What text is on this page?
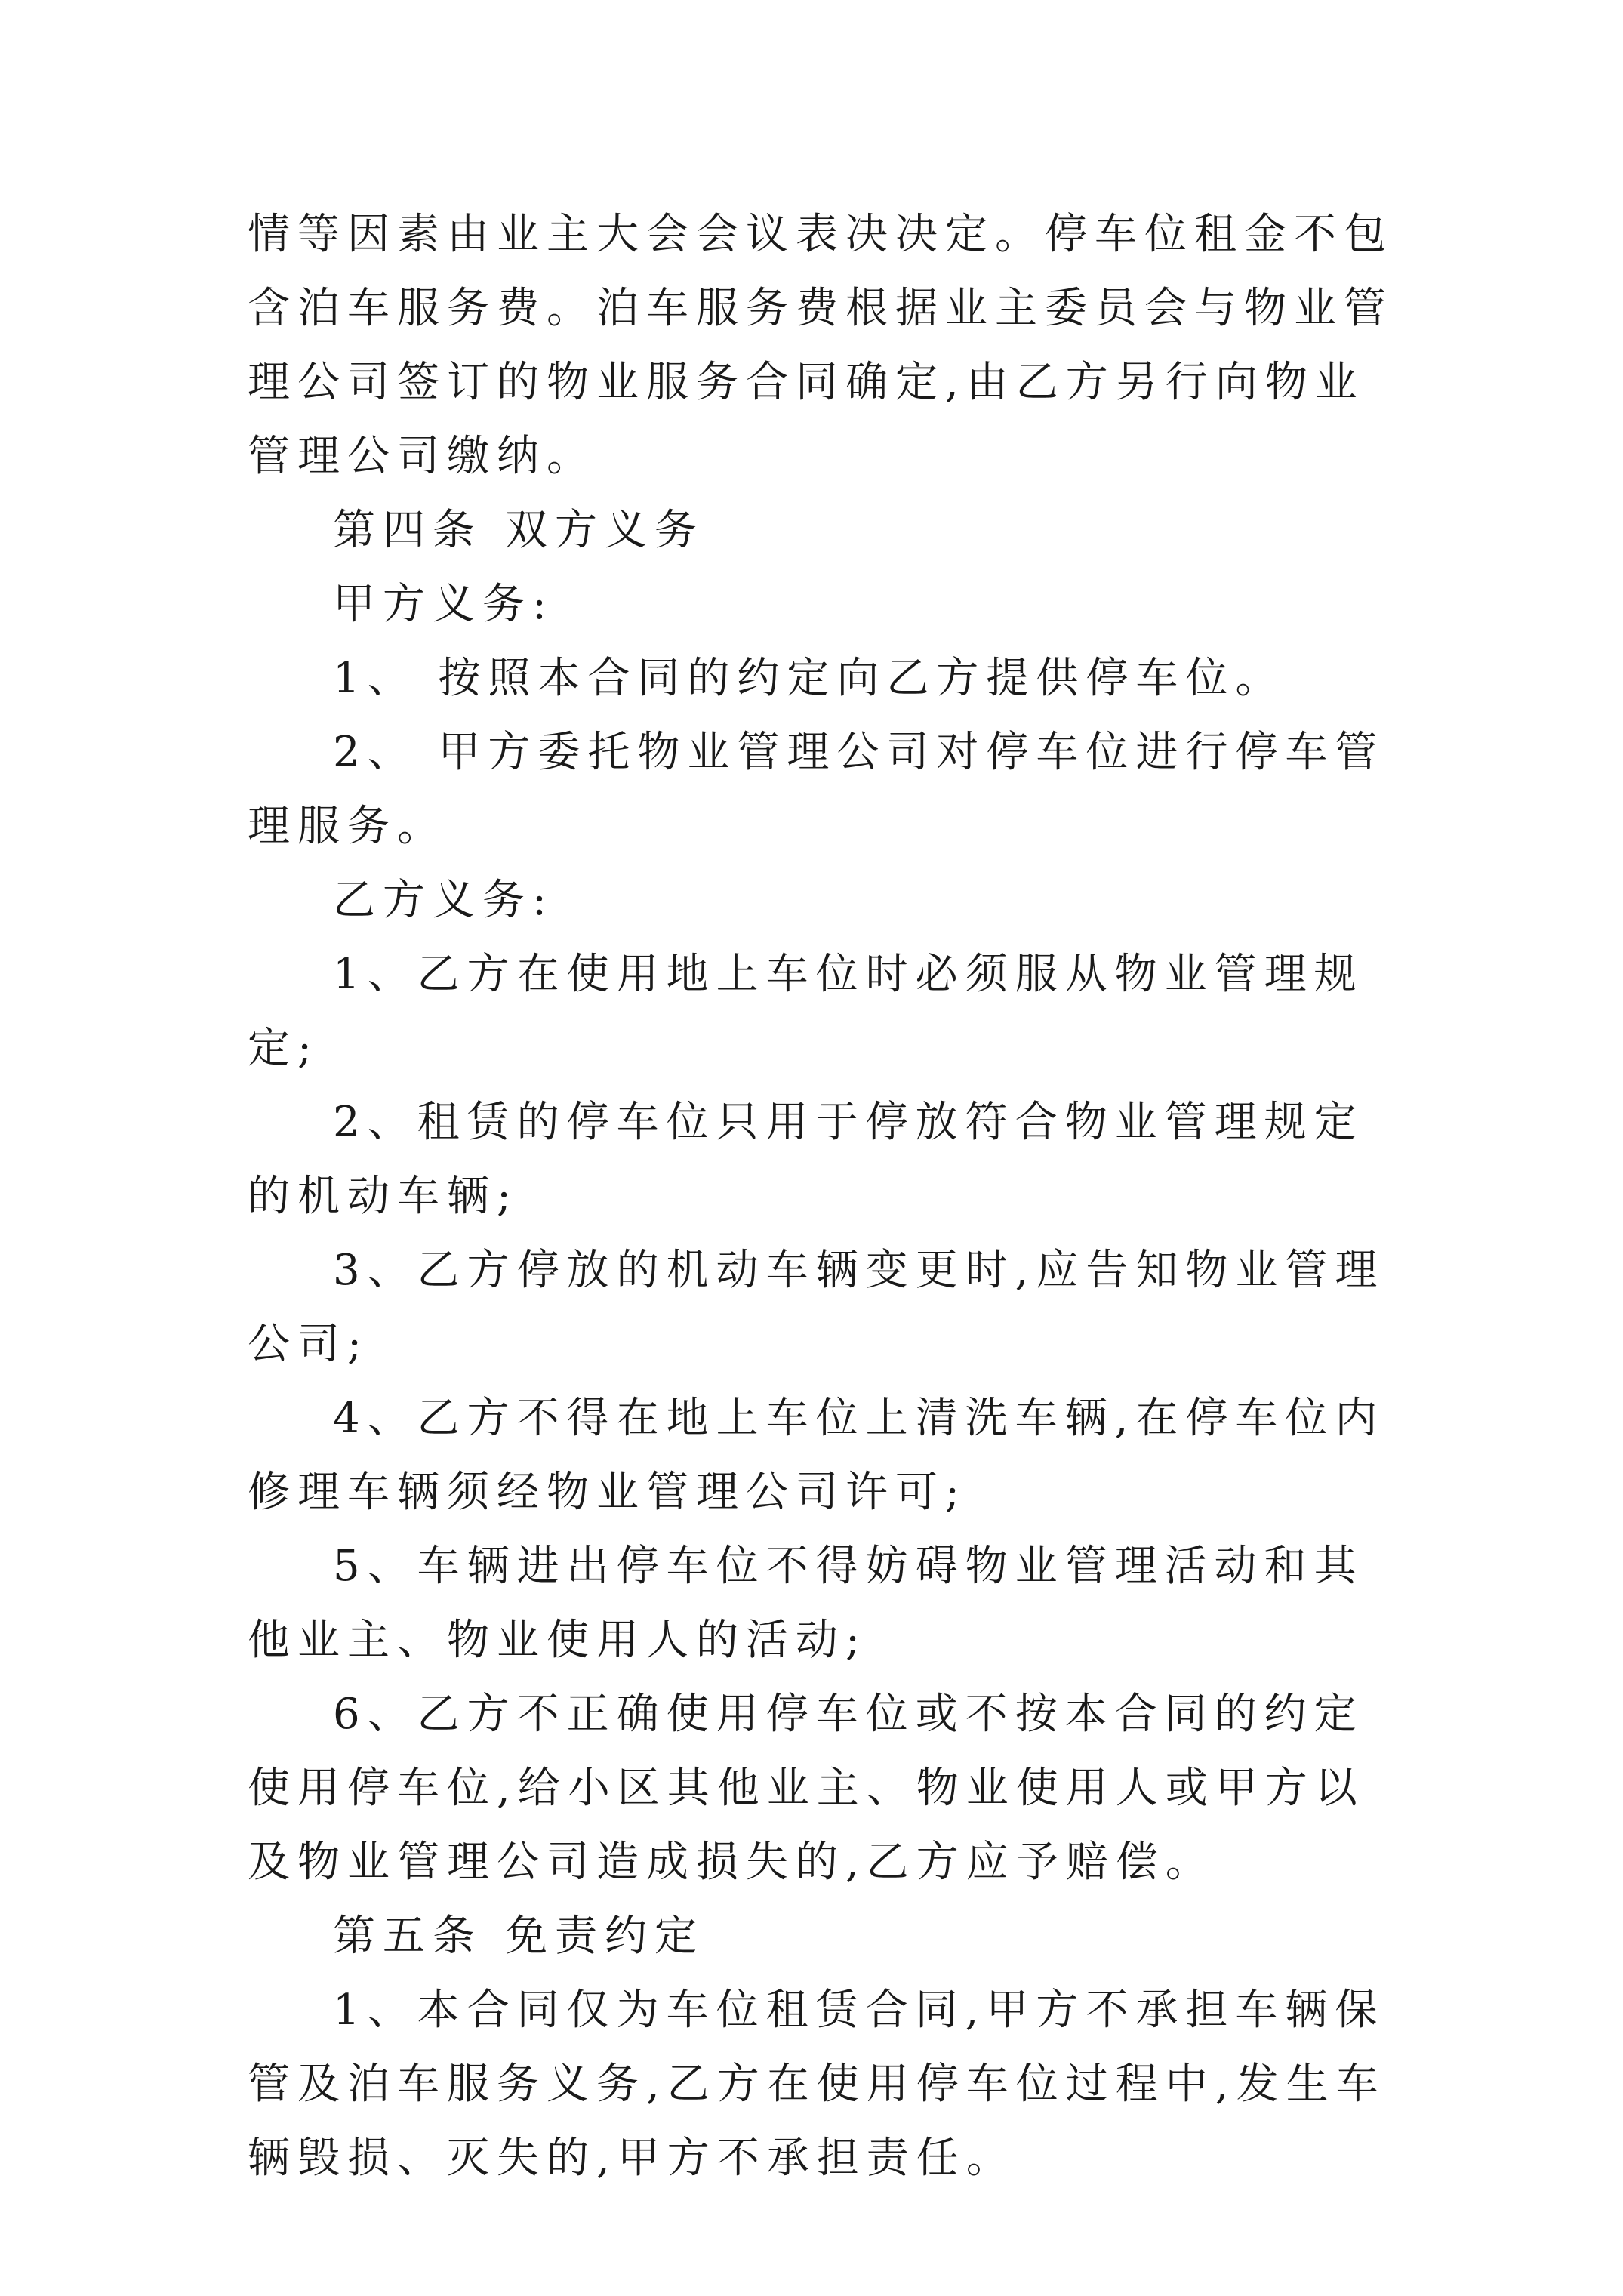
情等因素由业主大会会议表决决定。停车位租金不包含泊车服务费。泊车服务费根据业主委员会与物业管理公司签订的物业服务合同确定,由乙方另行向物业管理公司缴纳。

第四条 双方义务

甲方义务:

1、 按照本合同的约定向乙方提供停车位。

2、 甲方委托物业管理公司对停车位进行停车管理服务。

乙方义务:

1、乙方在使用地上车位时必须服从物业管理规定;

2、租赁的停车位只用于停放符合物业管理规定的机动车辆;

3、乙方停放的机动车辆变更时,应告知物业管理公司;

4、乙方不得在地上车位上清洗车辆,在停车位内修理车辆须经物业管理公司许可;

5、车辆进出停车位不得妨碍物业管理活动和其他业主、物业使用人的活动;

6、乙方不正确使用停车位或不按本合同的约定使用停车位,给小区其他业主、物业使用人或甲方以及物业管理公司造成损失的,乙方应予赔偿。

第五条 免责约定

1、本合同仅为车位租赁合同,甲方不承担车辆保管及泊车服务义务,乙方在使用停车位过程中,发生车辆毁损、灭失的,甲方不承担责任。
